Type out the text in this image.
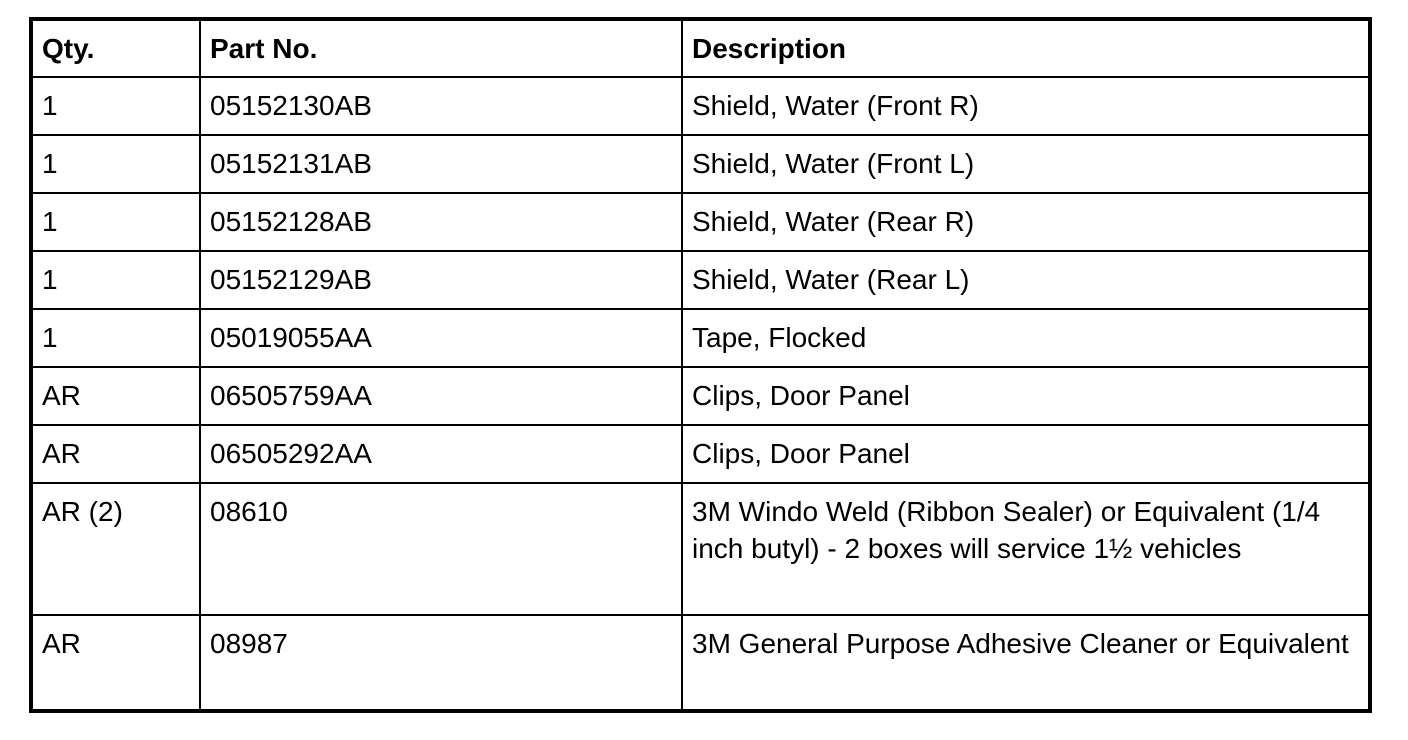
Qty.	Part No.	Description
1	05152130AB	Shield, Water (Front R)
1	05152131AB	Shield, Water (Front L)
1	05152128AB	Shield, Water (Rear R)
1	05152129AB	Shield, Water (Rear L)
1	05019055AA	Tape, Flocked
AR	06505759AA	Clips, Door Panel
AR	06505292AA	Clips, Door Panel
AR (2)	08610	3M Windo Weld (Ribbon Sealer) or Equivalent (1/4 inch butyl) - 2 boxes will service 1½ vehicles
AR	08987	3M General Purpose Adhesive Cleaner or Equivalent
